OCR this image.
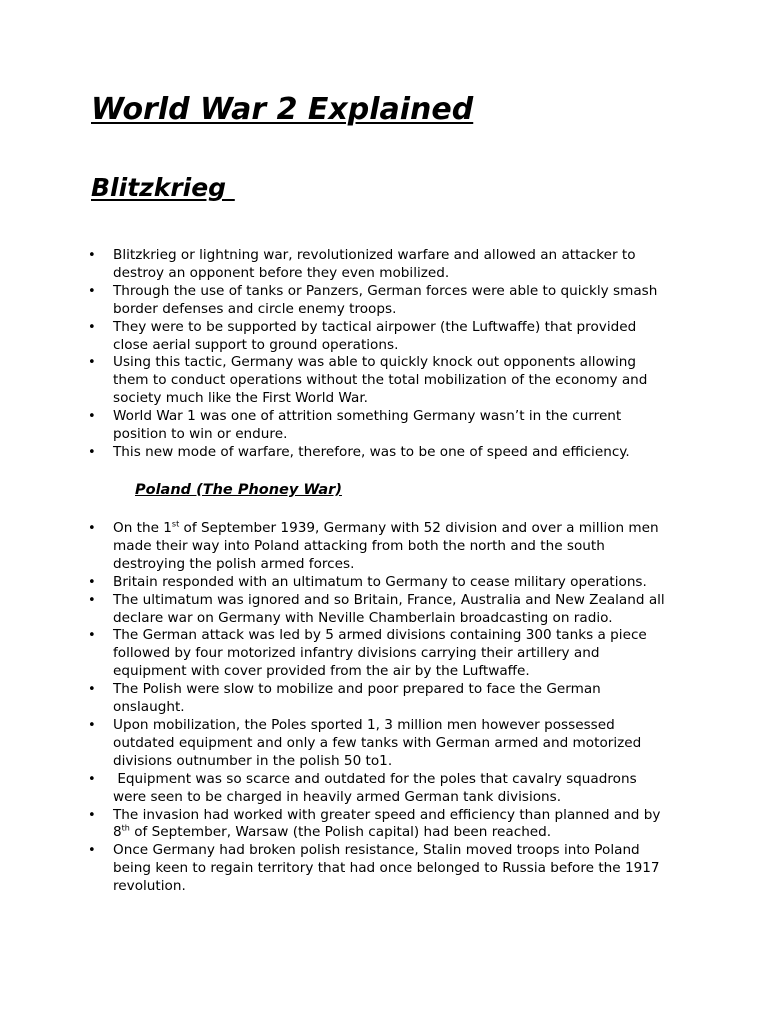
World War 2 Explained
Blitzkrieg
• Blitzkrieg or lightning war, revolutionized warfare and allowed an attacker to
destroy an opponent before they even mobilized.
• Through the use of tanks or Panzers, German forces were able to quickly smash
border defenses and circle enemy troops.
• They were to be supported by tactical airpower (the Luftwaffe) that provided
close aerial support to ground operations.
• Using this tactic, Germany was able to quickly knock out opponents allowing
them to conduct operations without the total mobilization of the economy and
society much like the First World War.
• World War 1 was one of attrition something Germany wasn’t in the current
position to win or endure.
• This new mode of warfare, therefore, was to be one of speed and efficiency.
Poland (The Phoney War)
• On the 1st of September 1939, Germany with 52 division and over a million men
made their way into Poland attacking from both the north and the south
destroying the polish armed forces.
• Britain responded with an ultimatum to Germany to cease military operations.
• The ultimatum was ignored and so Britain, France, Australia and New Zealand all
declare war on Germany with Neville Chamberlain broadcasting on radio.
• The German attack was led by 5 armed divisions containing 300 tanks a piece
followed by four motorized infantry divisions carrying their artillery and
equipment with cover provided from the air by the Luftwaffe.
• The Polish were slow to mobilize and poor prepared to face the German
onslaught.
• Upon mobilization, the Poles sported 1, 3 million men however possessed
outdated equipment and only a few tanks with German armed and motorized
divisions outnumber in the polish 50 to1.
• Equipment was so scarce and outdated for the poles that cavalry squadrons
were seen to be charged in heavily armed German tank divisions.
• The invasion had worked with greater speed and efficiency than planned and by
8th of September, Warsaw (the Polish capital) had been reached.
• Once Germany had broken polish resistance, Stalin moved troops into Poland
being keen to regain territory that had once belonged to Russia before the 1917
revolution.
